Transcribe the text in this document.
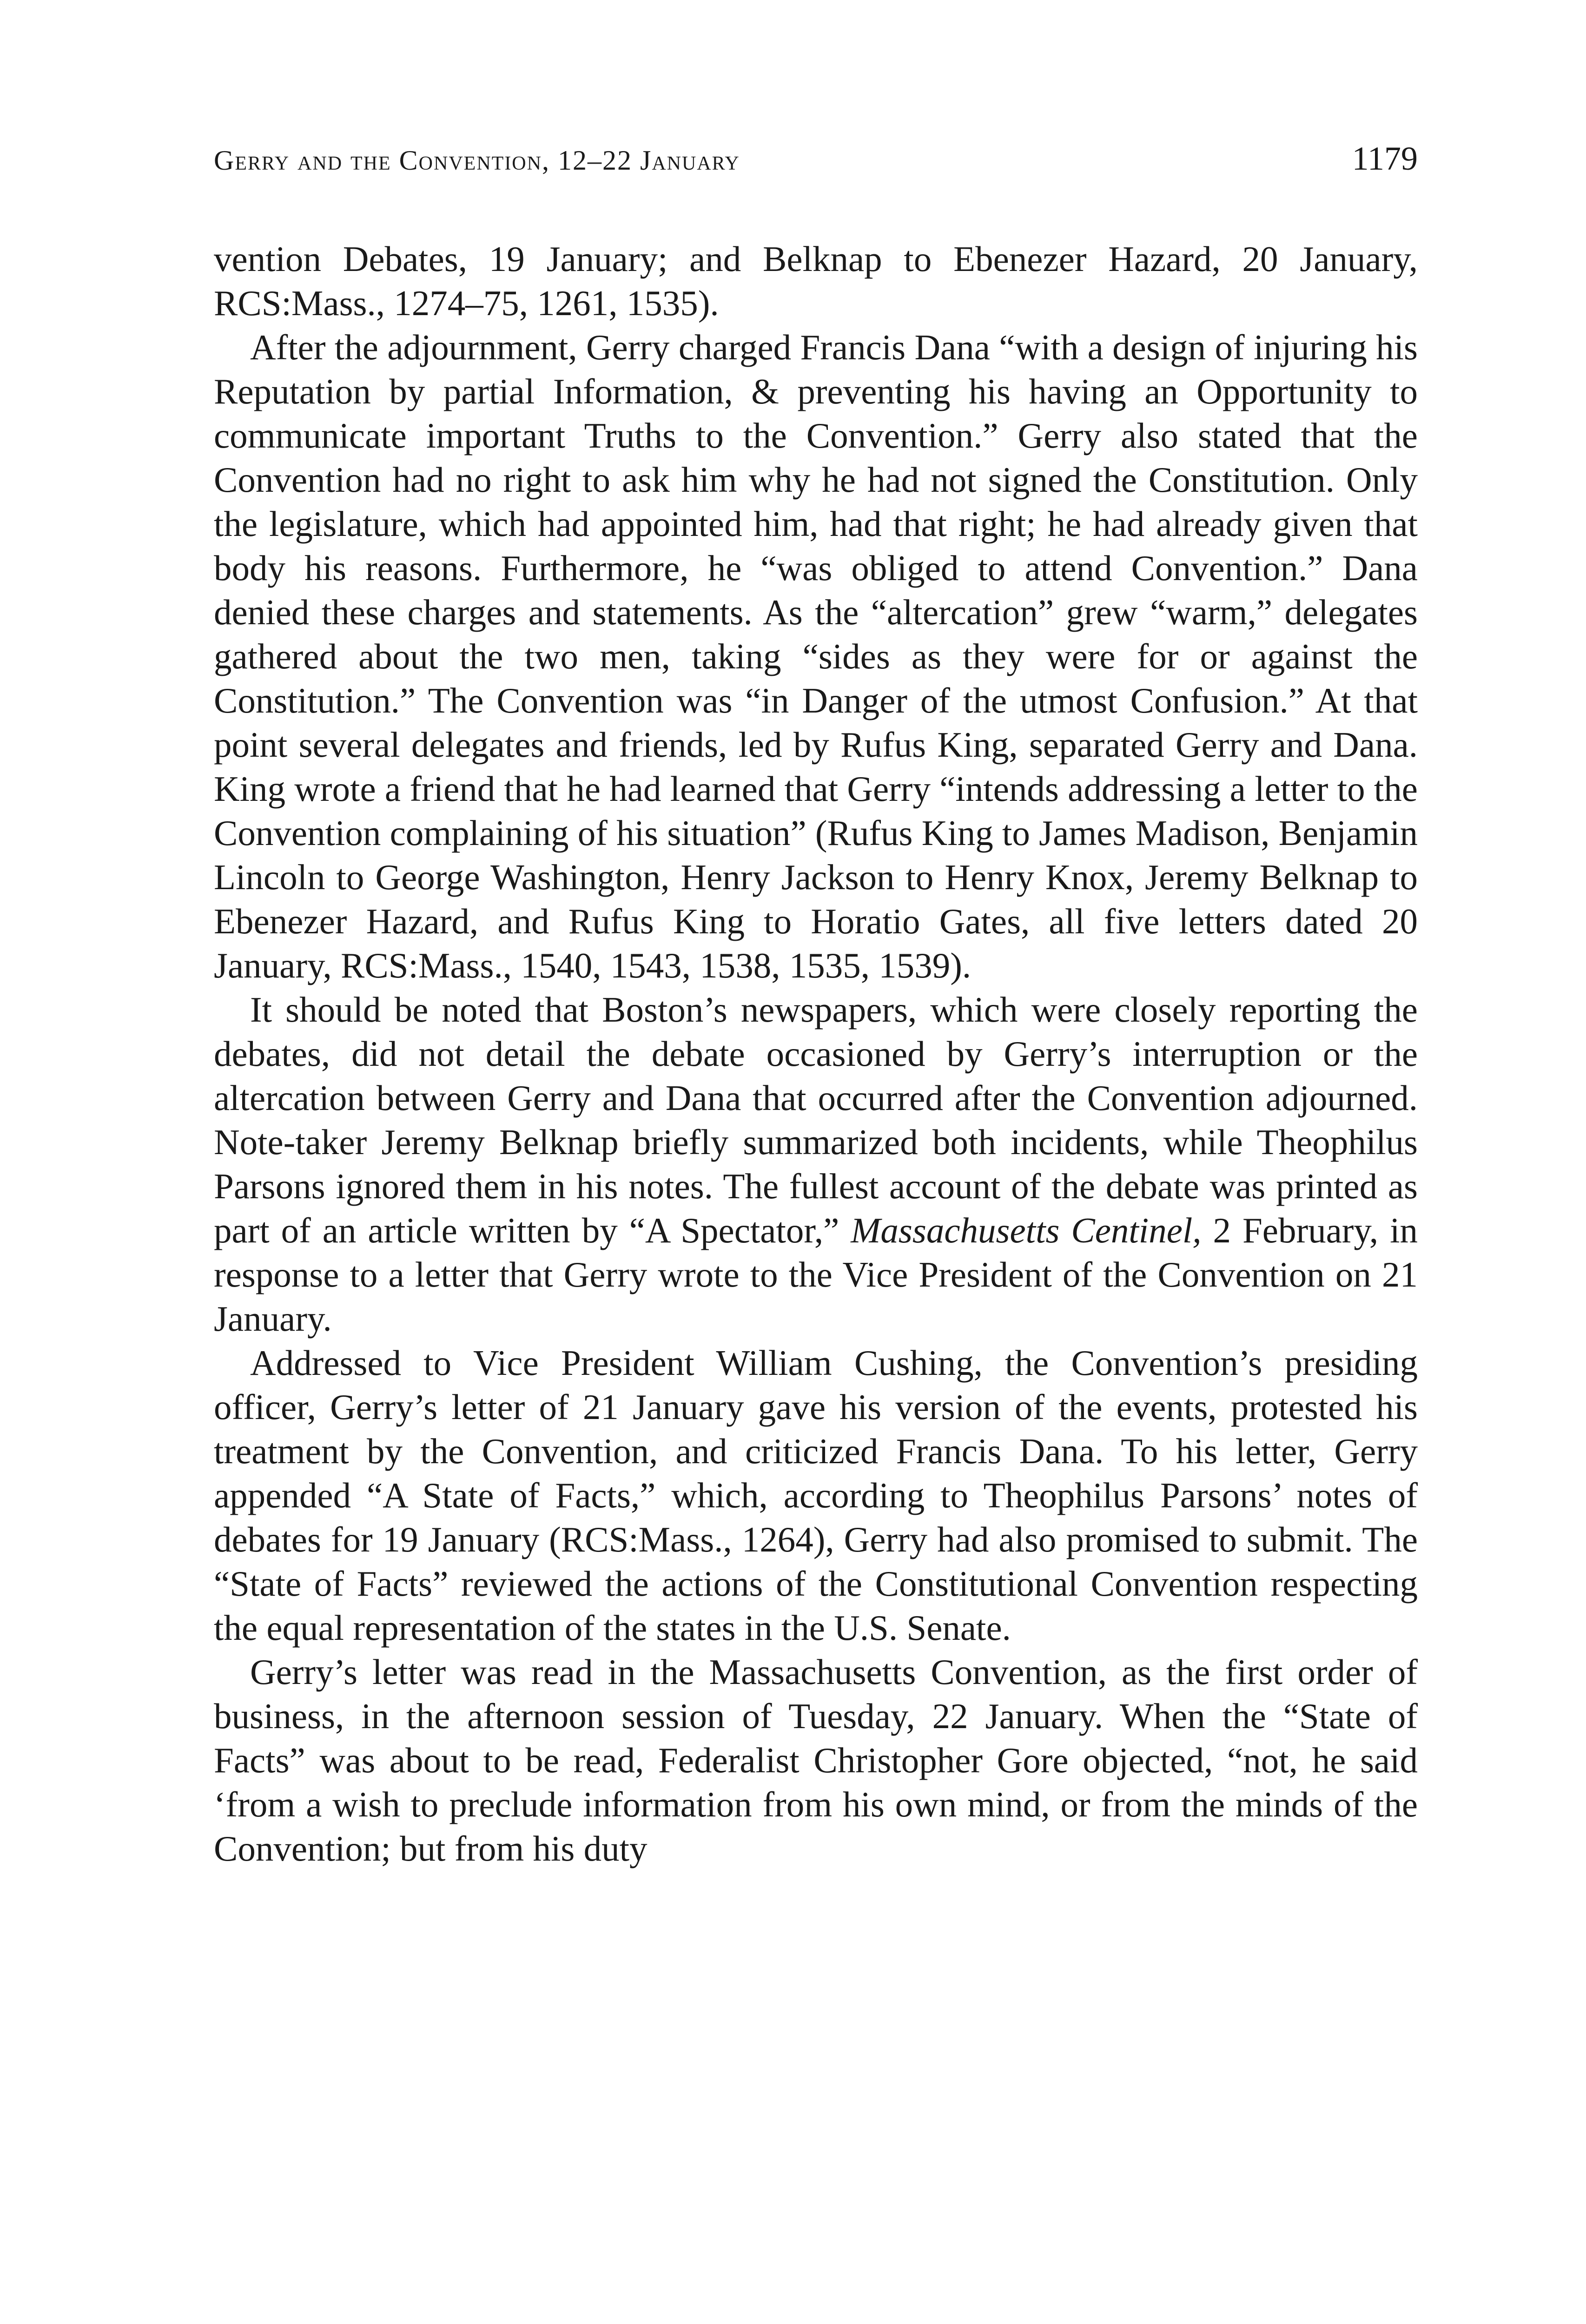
Gerry and the Convention, 12–22 January	1179

vention Debates, 19 January; and Belknap to Ebenezer Hazard, 20 January, RCS:Mass., 1274–75, 1261, 1535).

After the adjournment, Gerry charged Francis Dana “with a design of injuring his Reputation by partial Information, & preventing his having an Opportunity to communicate important Truths to the Convention.” Gerry also stated that the Convention had no right to ask him why he had not signed the Constitution. Only the legislature, which had appointed him, had that right; he had already given that body his reasons. Furthermore, he “was obliged to attend Convention.” Dana denied these charges and statements. As the “altercation” grew “warm,” delegates gathered about the two men, taking “sides as they were for or against the Constitution.” The Convention was “in Danger of the utmost Confusion.” At that point several delegates and friends, led by Rufus King, separated Gerry and Dana. King wrote a friend that he had learned that Gerry “intends addressing a letter to the Convention complaining of his situation” (Rufus King to James Madison, Benjamin Lincoln to George Washington, Henry Jackson to Henry Knox, Jeremy Belknap to Ebenezer Hazard, and Rufus King to Horatio Gates, all five letters dated 20 January, RCS:Mass., 1540, 1543, 1538, 1535, 1539).

It should be noted that Boston’s newspapers, which were closely reporting the debates, did not detail the debate occasioned by Gerry’s interruption or the altercation between Gerry and Dana that occurred after the Convention adjourned. Note-taker Jeremy Belknap briefly summarized both incidents, while Theophilus Parsons ignored them in his notes. The fullest account of the debate was printed as part of an article written by “A Spectator,” Massachusetts Centinel, 2 February, in response to a letter that Gerry wrote to the Vice President of the Convention on 21 January.

Addressed to Vice President William Cushing, the Convention’s presiding officer, Gerry’s letter of 21 January gave his version of the events, protested his treatment by the Convention, and criticized Francis Dana. To his letter, Gerry appended “A State of Facts,” which, according to Theophilus Parsons’ notes of debates for 19 January (RCS:Mass., 1264), Gerry had also promised to submit. The “State of Facts” reviewed the actions of the Constitutional Convention respecting the equal representation of the states in the U.S. Senate.

Gerry’s letter was read in the Massachusetts Convention, as the first order of business, in the afternoon session of Tuesday, 22 January. When the “State of Facts” was about to be read, Federalist Christopher Gore objected, “not, he said ‘from a wish to preclude information from his own mind, or from the minds of the Convention; but from his duty
